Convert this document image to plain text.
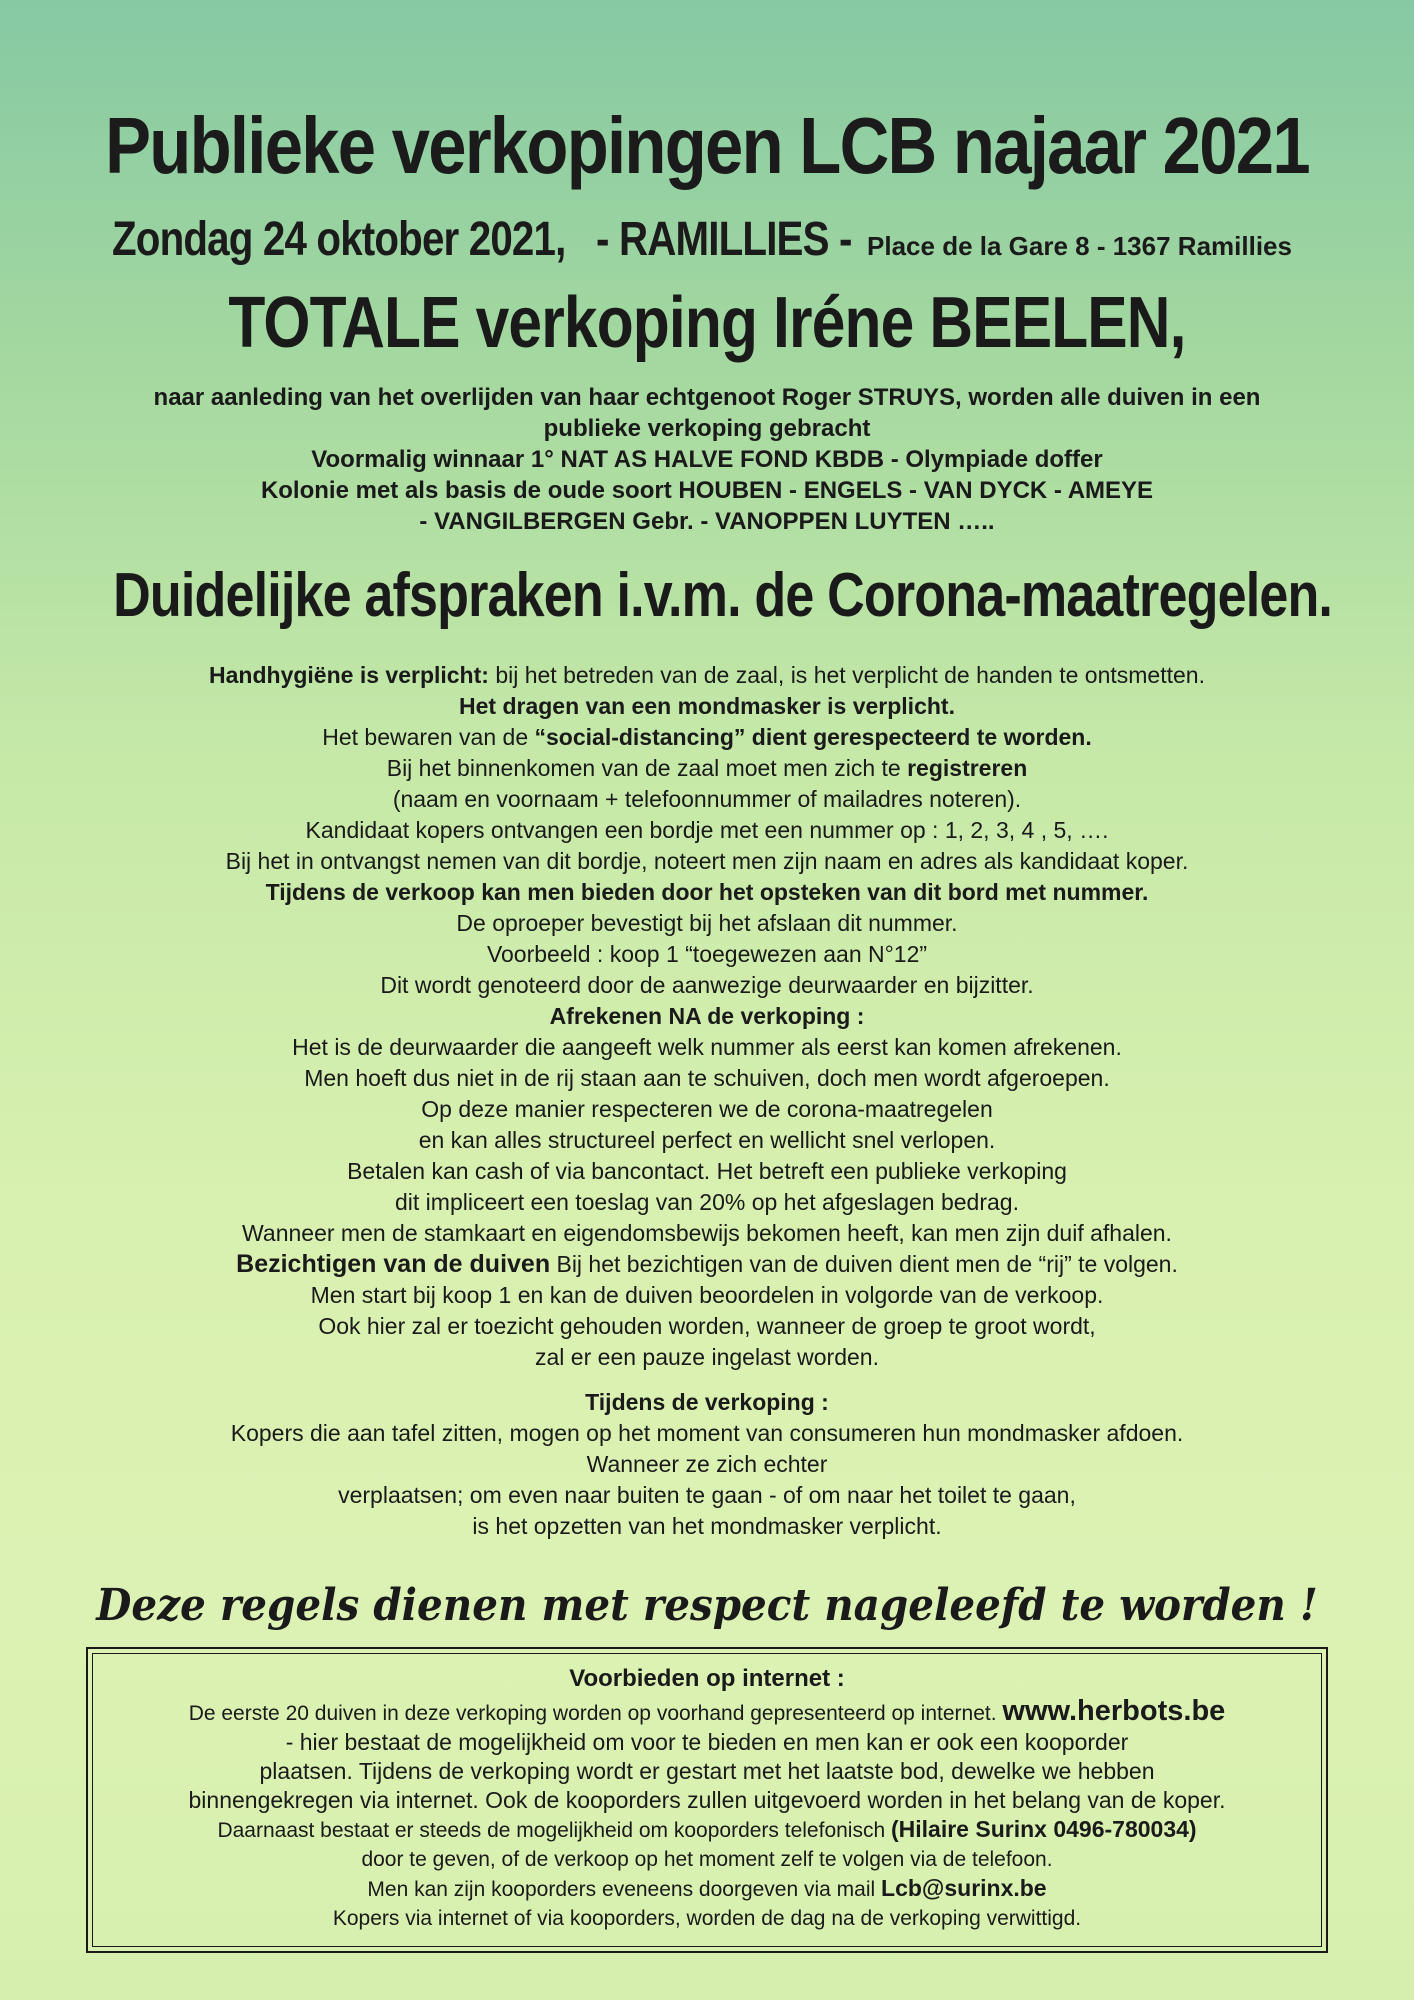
Publieke verkopingen LCB najaar 2021
Zondag 24 oktober 2021, - RAMILLIES - Place de la Gare 8 - 1367 Ramillies
TOTALE verkoping Iréne BEELEN,
naar aanleding van het overlijden van haar echtgenoot Roger STRUYS, worden alle duiven in een
publieke verkoping gebracht
Voormalig winnaar 1° NAT AS HALVE FOND KBDB - Olympiade doffer
Kolonie met als basis de oude soort HOUBEN - ENGELS - VAN DYCK - AMEYE
- VANGILBERGEN Gebr. - VANOPPEN LUYTEN …..
Duidelijke afspraken i.v.m. de Corona-maatregelen.
Handhygiëne is verplicht: bij het betreden van de zaal, is het verplicht de handen te ontsmetten.
Het dragen van een mondmasker is verplicht.
Het bewaren van de “social-distancing” dient gerespecteerd te worden.
Bij het binnenkomen van de zaal moet men zich te registreren
(naam en voornaam + telefoonnummer of mailadres noteren).
Kandidaat kopers ontvangen een bordje met een nummer op : 1, 2, 3, 4 , 5, ….
Bij het in ontvangst nemen van dit bordje, noteert men zijn naam en adres als kandidaat koper.
Tijdens de verkoop kan men bieden door het opsteken van dit bord met nummer.
De oproeper bevestigt bij het afslaan dit nummer.
Voorbeeld : koop 1 “toegewezen aan N°12”
Dit wordt genoteerd door de aanwezige deurwaarder en bijzitter.
Afrekenen NA de verkoping :
Het is de deurwaarder die aangeeft welk nummer als eerst kan komen afrekenen.
Men hoeft dus niet in de rij staan aan te schuiven, doch men wordt afgeroepen.
Op deze manier respecteren we de corona-maatregelen
en kan alles structureel perfect en wellicht snel verlopen.
Betalen kan cash of via bancontact. Het betreft een publieke verkoping
dit impliceert een toeslag van 20% op het afgeslagen bedrag.
Wanneer men de stamkaart en eigendomsbewijs bekomen heeft, kan men zijn duif afhalen.
Bezichtigen van de duiven Bij het bezichtigen van de duiven dient men de “rij” te volgen.
Men start bij koop 1 en kan de duiven beoordelen in volgorde van de verkoop.
Ook hier zal er toezicht gehouden worden, wanneer de groep te groot wordt,
zal er een pauze ingelast worden.
Tijdens de verkoping :
Kopers die aan tafel zitten, mogen op het moment van consumeren hun mondmasker afdoen.
Wanneer ze zich echter
verplaatsen; om even naar buiten te gaan - of om naar het toilet te gaan,
is het opzetten van het mondmasker verplicht.
Deze regels dienen met respect nageleefd te worden !
Voorbieden op internet :
De eerste 20 duiven in deze verkoping worden op voorhand gepresenteerd op internet. www.herbots.be
- hier bestaat de mogelijkheid om voor te bieden en men kan er ook een kooporder
plaatsen. Tijdens de verkoping wordt er gestart met het laatste bod, dewelke we hebben
binnengekregen via internet. Ook de kooporders zullen uitgevoerd worden in het belang van de koper.
Daarnaast bestaat er steeds de mogelijkheid om kooporders telefonisch (Hilaire Surinx 0496-780034)
door te geven, of de verkoop op het moment zelf te volgen via de telefoon.
Men kan zijn kooporders eveneens doorgeven via mail Lcb@surinx.be
Kopers via internet of via kooporders, worden de dag na de verkoping verwittigd.
